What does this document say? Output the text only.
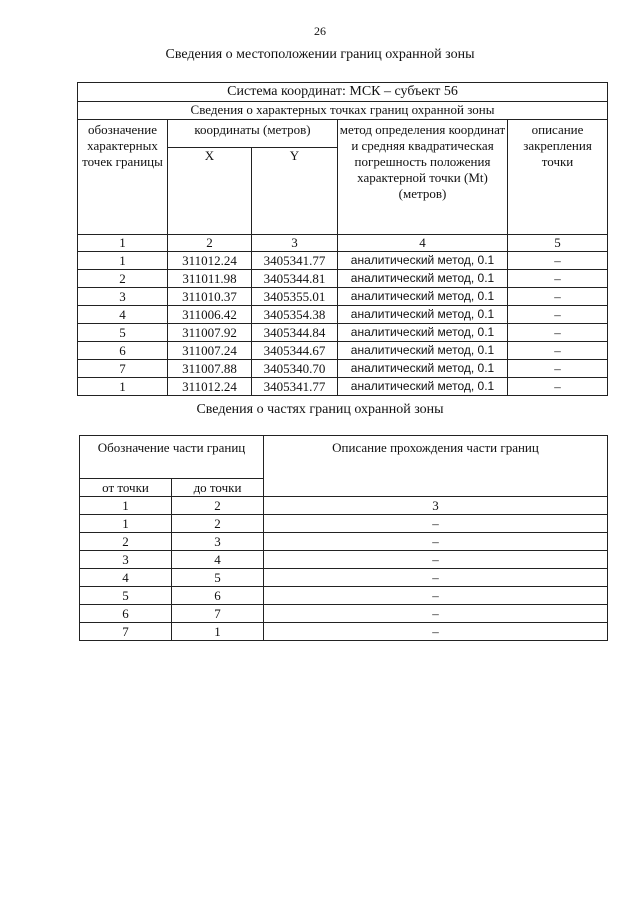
26
Сведения о местоположении границ охранной зоны
Система координат: МСК – субъект 56				
Сведения о характерных точках границ охранной зоны				
обозначение характерных точек границы	координаты (метров)		метод определения координат и средняя квадратическая погрешность положения характерной точки (Mt) (метров)	описание закрепления точки
	X	Y		
1	2	3	4	5
1	311012.24	3405341.77	аналитический метод, 0.1	–
2	311011.98	3405344.81	аналитический метод, 0.1	–
3	311010.37	3405355.01	аналитический метод, 0.1	–
4	311006.42	3405354.38	аналитический метод, 0.1	–
5	311007.92	3405344.84	аналитический метод, 0.1	–
6	311007.24	3405344.67	аналитический метод, 0.1	–
7	311007.88	3405340.70	аналитический метод, 0.1	–
1	311012.24	3405341.77	аналитический метод, 0.1	–
Сведения о частях границ охранной зоны
Обозначение части границ		Описание прохождения части границ
от точки	до точки	
1	2	3
1	2	–
2	3	–
3	4	–
4	5	–
5	6	–
6	7	–
7	1	–
